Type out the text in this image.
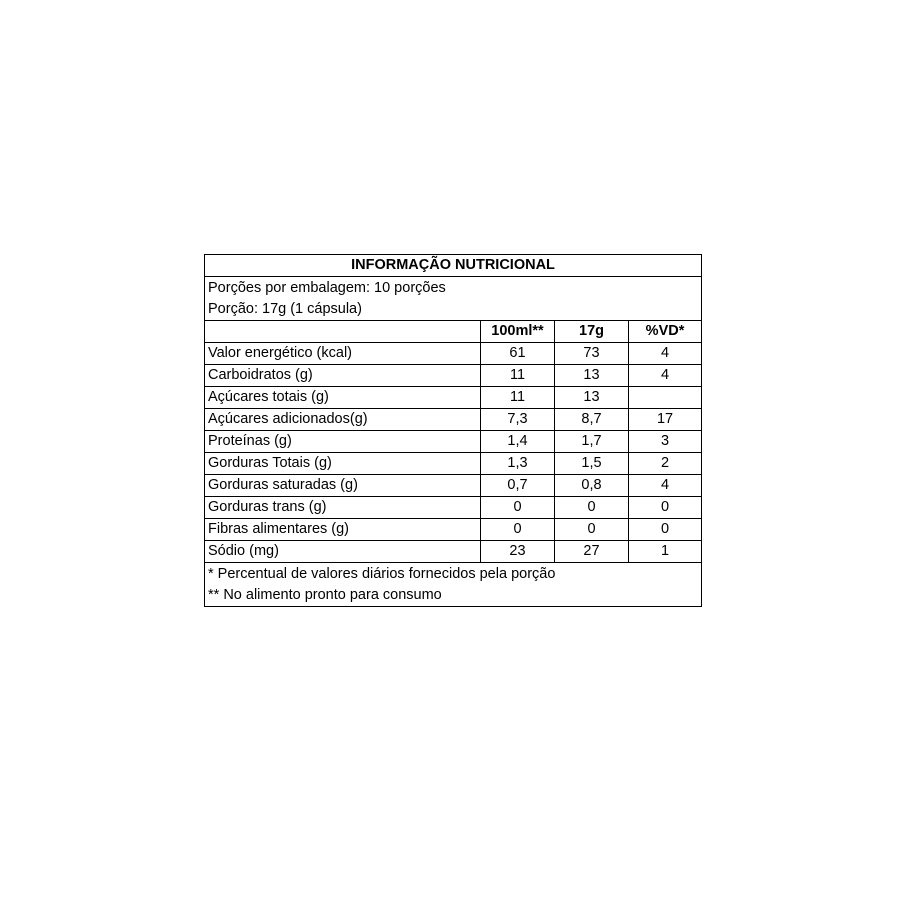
INFORMAÇÃO NUTRICIONAL			
Porções por embalagem: 10 porções			
Porção: 17g (1 cápsula)			
	100ml**	17g	%VD*
Valor energético (kcal)	61	73	4
Carboidratos (g)	11	13	4
Açúcares totais (g)	11	13	
Açúcares adicionados(g)	7,3	8,7	17
Proteínas (g)	1,4	1,7	3
Gorduras Totais (g)	1,3	1,5	2
Gorduras saturadas (g)	0,7	0,8	4
Gorduras trans (g)	0	0	0
Fibras alimentares (g)	0	0	0
Sódio (mg)	23	27	1
* Percentual de valores diários fornecidos pela porção			
** No alimento pronto para consumo			
